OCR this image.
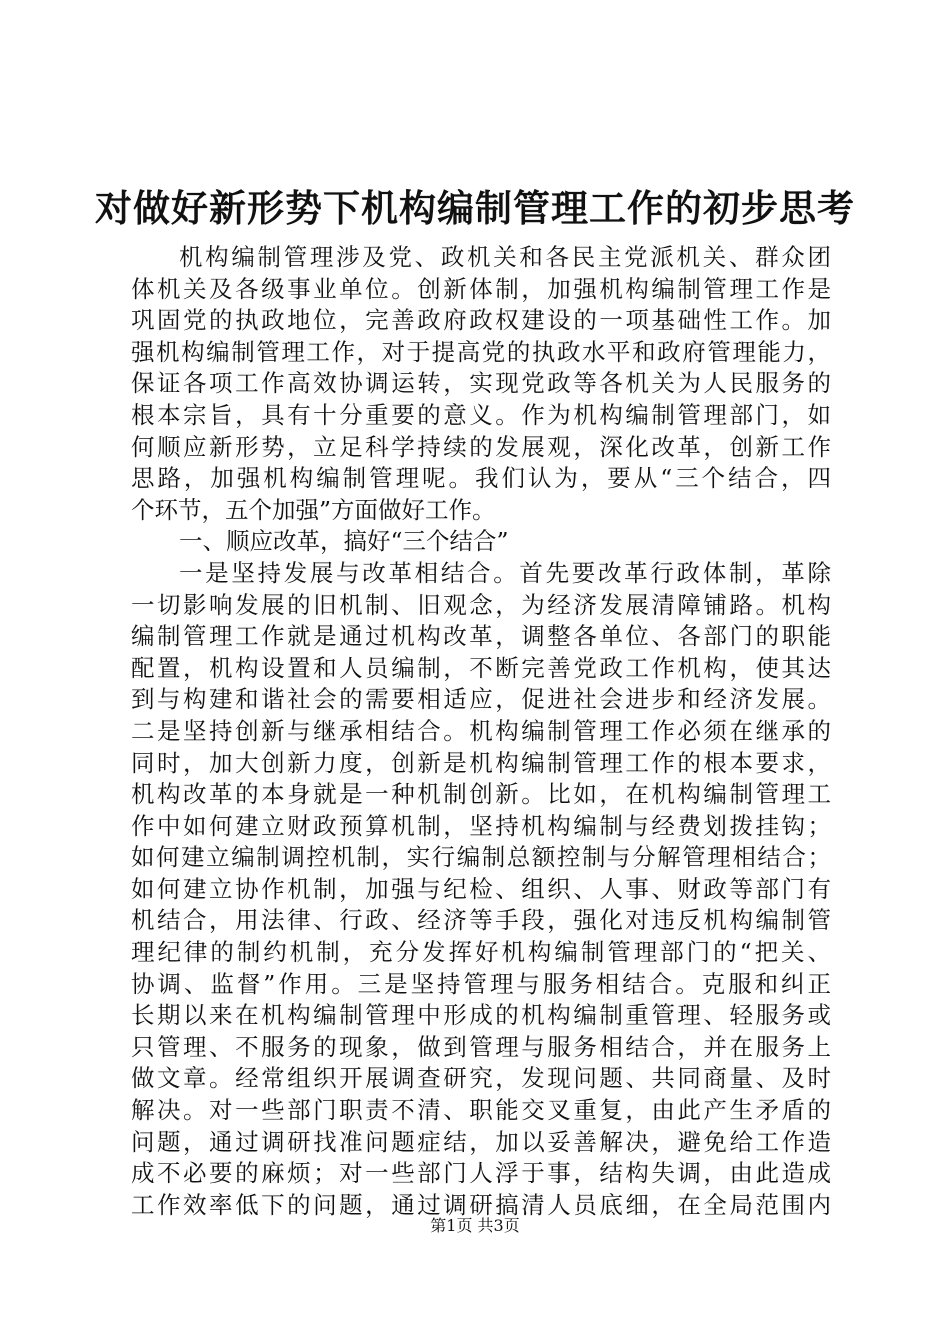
对做好新形势下机构编制管理工作的初步思考
机构编制管理涉及党、政机关和各民主党派机关、群众团
体机关及各级事业单位。创新体制，加强机构编制管理工作是
巩固党的执政地位，完善政府政权建设的一项基础性工作。加
强机构编制管理工作，对于提高党的执政水平和政府管理能力，
保证各项工作高效协调运转，实现党政等各机关为人民服务的
根本宗旨，具有十分重要的意义。作为机构编制管理部门，如
何顺应新形势，立足科学持续的发展观，深化改革，创新工作
思路，加强机构编制管理呢。我们认为，要从“三个结合，四
个环节，五个加强”方面做好工作。
一、顺应改革，搞好“三个结合”
一是坚持发展与改革相结合。首先要改革行政体制，革除
一切影响发展的旧机制、旧观念，为经济发展清障铺路。机构
编制管理工作就是通过机构改革，调整各单位、各部门的职能
配置，机构设置和人员编制，不断完善党政工作机构，使其达
到与构建和谐社会的需要相适应，促进社会进步和经济发展。
二是坚持创新与继承相结合。机构编制管理工作必须在继承的
同时，加大创新力度，创新是机构编制管理工作的根本要求，
机构改革的本身就是一种机制创新。比如，在机构编制管理工
作中如何建立财政预算机制，坚持机构编制与经费划拨挂钩；
如何建立编制调控机制，实行编制总额控制与分解管理相结合；
如何建立协作机制，加强与纪检、组织、人事、财政等部门有
机结合，用法律、行政、经济等手段，强化对违反机构编制管
理纪律的制约机制，充分发挥好机构编制管理部门的“把关、
协调、监督”作用。三是坚持管理与服务相结合。克服和纠正
长期以来在机构编制管理中形成的机构编制重管理、轻服务或
只管理、不服务的现象，做到管理与服务相结合，并在服务上
做文章。经常组织开展调查研究，发现问题、共同商量、及时
解决。对一些部门职责不清、职能交叉重复，由此产生矛盾的
问题，通过调研找准问题症结，加以妥善解决，避免给工作造
成不必要的麻烦；对一些部门人浮于事，结构失调，由此造成
工作效率低下的问题，通过调研搞清人员底细，在全局范围内
第1页 共3页
